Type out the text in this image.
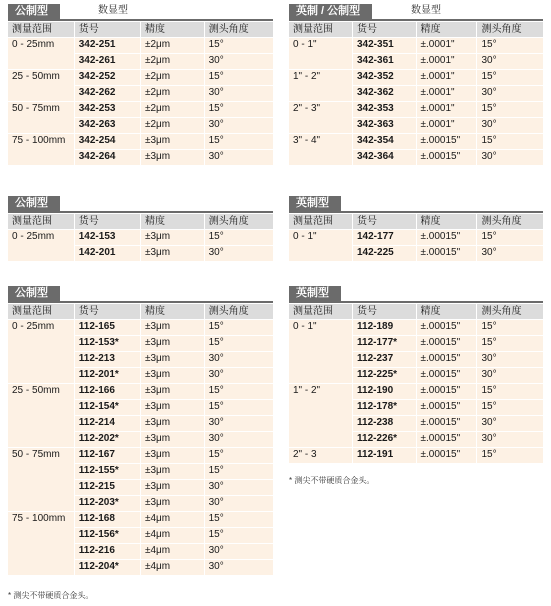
公制型	数显型
测量范围	货号	精度	测头角度
0 - 25mm	342-251	±2μm	15°
	342-261	±2μm	30°
25 - 50mm	342-252	±2μm	15°
	342-262	±2μm	30°
50 - 75mm	342-253	±2μm	15°
	342-263	±2μm	30°
75 - 100mm	342-254	±3μm	15°
	342-264	±3μm	30°
英制 / 公制型	数显型
测量范围	货号	精度	测头角度
0 - 1"	342-351	±.0001"	15°
	342-361	±.0001"	30°
1" - 2"	342-352	±.0001"	15°
	342-362	±.0001"	30°
2" - 3"	342-353	±.0001"	15°
	342-363	±.0001"	30°
3" - 4"	342-354	±.00015"	15°
	342-364	±.00015"	30°
公制型
测量范围	货号	精度	测头角度
0 - 25mm	142-153	±3μm	15°
	142-201	±3μm	30°
英制型
测量范围	货号	精度	测头角度
0 - 1"	142-177	±.00015"	15°
	142-225	±.00015"	30°
公制型
测量范围	货号	精度	测头角度
0 - 25mm	112-165	±3μm	15°
	112-153*	±3μm	15°
	112-213	±3μm	30°
	112-201*	±3μm	30°
25 - 50mm	112-166	±3μm	15°
	112-154*	±3μm	15°
	112-214	±3μm	30°
	112-202*	±3μm	30°
50 - 75mm	112-167	±3μm	15°
	112-155*	±3μm	15°
	112-215	±3μm	30°
	112-203*	±3μm	30°
75 - 100mm	112-168	±4μm	15°
	112-156*	±4μm	15°
	112-216	±4μm	30°
	112-204*	±4μm	30°
* 测尖不带硬质合金头。
英制型
测量范围	货号	精度	测头角度
0 - 1"	112-189	±.00015"	15°
	112-177*	±.00015"	15°
	112-237	±.00015"	30°
	112-225*	±.00015"	30°
1" - 2"	112-190	±.00015"	15°
	112-178*	±.00015"	15°
	112-238	±.00015"	30°
	112-226*	±.00015"	30°
2" - 3	112-191	±.00015"	15°
* 测尖不带硬质合金头。
